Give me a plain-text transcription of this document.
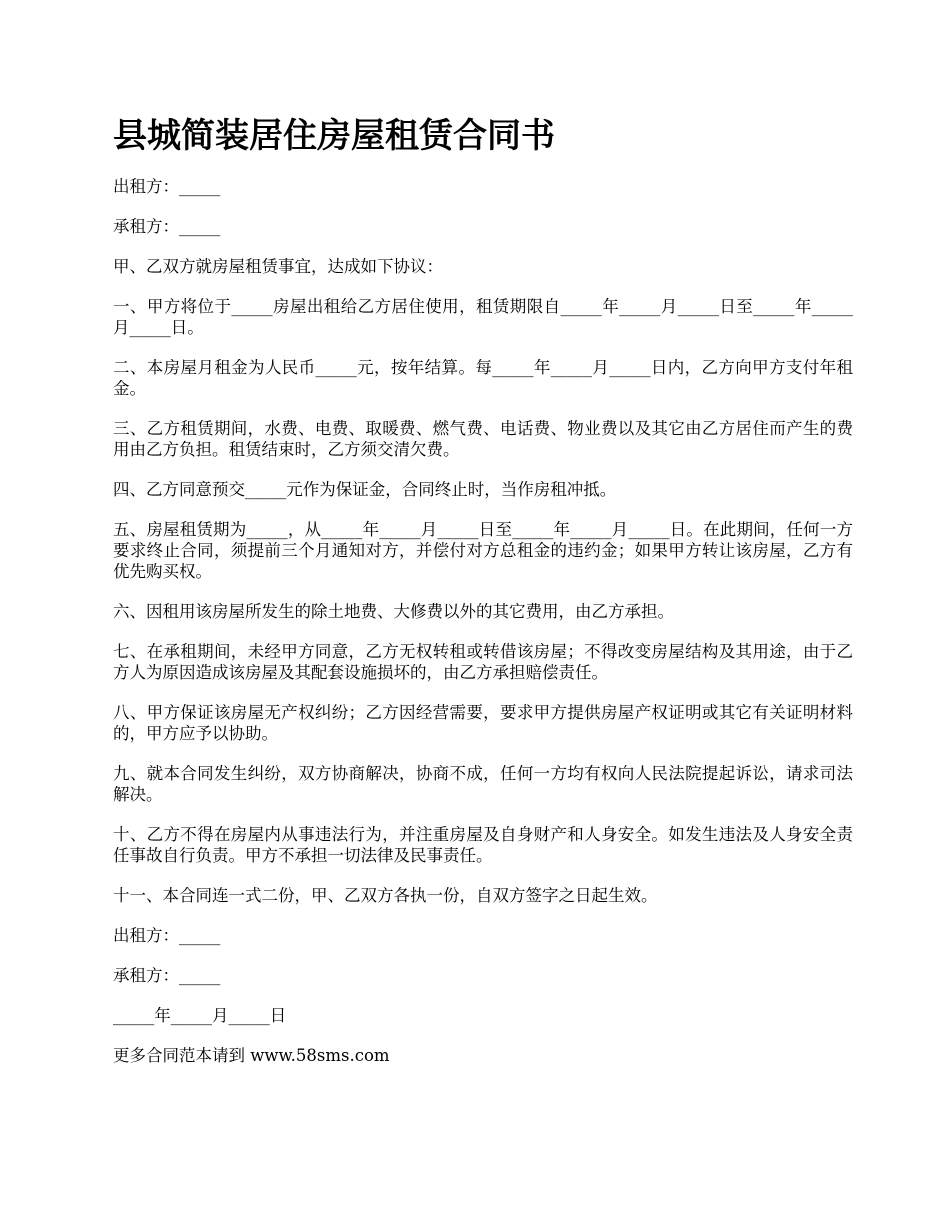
县城简装居住房屋租赁合同书

出租方：_____

承租方：_____

甲、乙双方就房屋租赁事宜，达成如下协议：

一、甲方将位于_____房屋出租给乙方居住使用，租赁期限自_____年_____月_____日至_____年_____月_____日。

二、本房屋月租金为人民币_____元，按年结算。每_____年_____月_____日内，乙方向甲方支付年租金。

三、乙方租赁期间，水费、电费、取暖费、燃气费、电话费、物业费以及其它由乙方居住而产生的费用由乙方负担。租赁结束时，乙方须交清欠费。

四、乙方同意预交_____元作为保证金，合同终止时，当作房租冲抵。

五、房屋租赁期为_____，从_____年_____月_____日至_____年_____月_____日。在此期间，任何一方要求终止合同，须提前三个月通知对方，并偿付对方总租金的违约金；如果甲方转让该房屋，乙方有优先购买权。

六、因租用该房屋所发生的除土地费、大修费以外的其它费用，由乙方承担。

七、在承租期间，未经甲方同意，乙方无权转租或转借该房屋；不得改变房屋结构及其用途，由于乙方人为原因造成该房屋及其配套设施损坏的，由乙方承担赔偿责任。

八、甲方保证该房屋无产权纠纷；乙方因经营需要，要求甲方提供房屋产权证明或其它有关证明材料的，甲方应予以协助。

九、就本合同发生纠纷，双方协商解决，协商不成，任何一方均有权向人民法院提起诉讼，请求司法解决。

十、乙方不得在房屋内从事违法行为，并注重房屋及自身财产和人身安全。如发生违法及人身安全责任事故自行负责。甲方不承担一切法律及民事责任。

十一、本合同连一式二份，甲、乙双方各执一份，自双方签字之日起生效。

出租方：_____

承租方：_____

_____年_____月_____日

更多合同范本请到 www.58sms.com
